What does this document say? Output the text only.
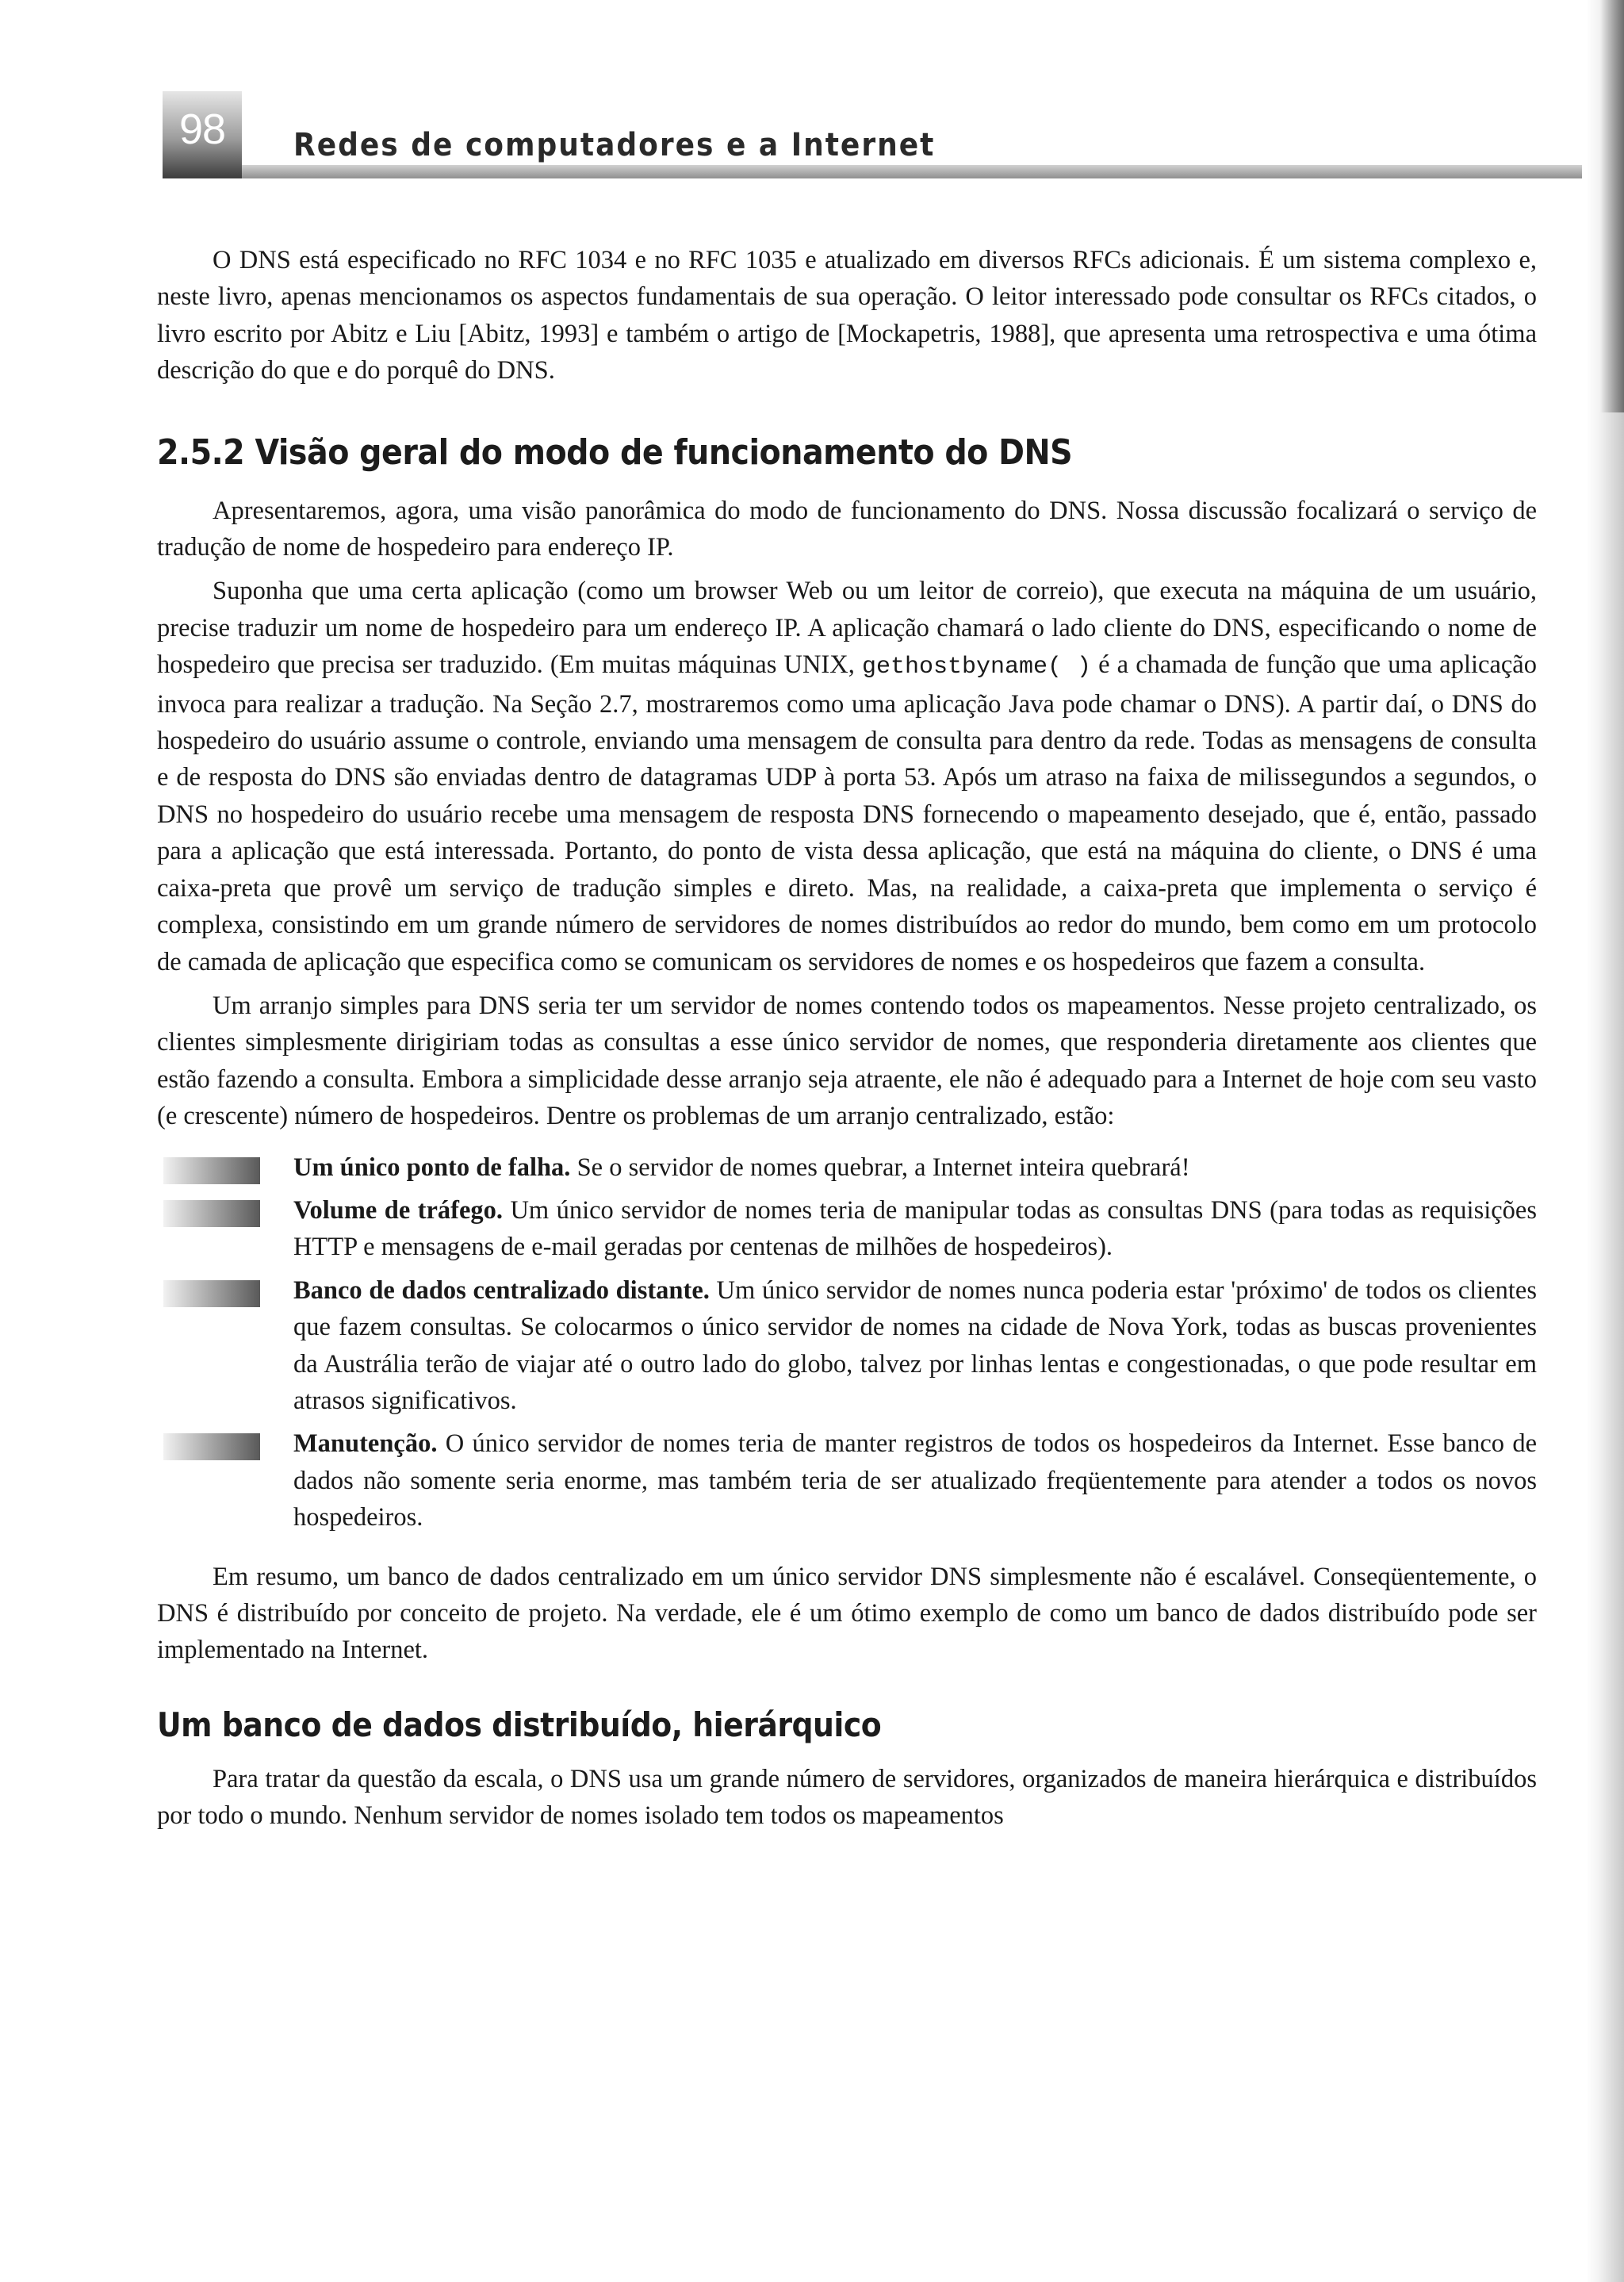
98	Redes de computadores e a Internet

O DNS está especificado no RFC 1034 e no RFC 1035 e atualizado em diversos RFCs adicionais. É um sistema complexo e, neste livro, apenas mencionamos os aspectos fundamentais de sua operação. O leitor interessado pode consultar os RFCs citados, o livro escrito por Abitz e Liu [Abitz, 1993] e também o artigo de [Mockapetris, 1988], que apresenta uma retrospectiva e uma ótima descrição do que e do porquê do DNS.

2.5.2 Visão geral do modo de funcionamento do DNS

Apresentaremos, agora, uma visão panorâmica do modo de funcionamento do DNS. Nossa discussão focalizará o serviço de tradução de nome de hospedeiro para endereço IP.

Suponha que uma certa aplicação (como um browser Web ou um leitor de correio), que executa na máquina de um usuário, precise traduzir um nome de hospedeiro para um endereço IP. A aplicação chamará o lado cliente do DNS, especificando o nome de hospedeiro que precisa ser traduzido. (Em muitas máquinas UNIX, gethostbyname( ) é a chamada de função que uma aplicação invoca para realizar a tradução. Na Seção 2.7, mostraremos como uma aplicação Java pode chamar o DNS). A partir daí, o DNS do hospedeiro do usuário assume o controle, enviando uma mensagem de consulta para dentro da rede. Todas as mensagens de consulta e de resposta do DNS são enviadas dentro de datagramas UDP à porta 53. Após um atraso na faixa de milissegundos a segundos, o DNS no hospedeiro do usuário recebe uma mensagem de resposta DNS fornecendo o mapeamento desejado, que é, então, passado para a aplicação que está interessada. Portanto, do ponto de vista dessa aplicação, que está na máquina do cliente, o DNS é uma caixa-preta que provê um serviço de tradução simples e direto. Mas, na realidade, a caixa-preta que implementa o serviço é complexa, consistindo em um grande número de servidores de nomes distribuídos ao redor do mundo, bem como em um protocolo de camada de aplicação que especifica como se comunicam os servidores de nomes e os hospedeiros que fazem a consulta.

Um arranjo simples para DNS seria ter um servidor de nomes contendo todos os mapeamentos. Nesse projeto centralizado, os clientes simplesmente dirigiriam todas as consultas a esse único servidor de nomes, que responderia diretamente aos clientes que estão fazendo a consulta. Embora a simplicidade desse arranjo seja atraente, ele não é adequado para a Internet de hoje com seu vasto (e crescente) número de hospedeiros. Dentre os problemas de um arranjo centralizado, estão:

Um único ponto de falha. Se o servidor de nomes quebrar, a Internet inteira quebrará!
Volume de tráfego. Um único servidor de nomes teria de manipular todas as consultas DNS (para todas as requisições HTTP e mensagens de e-mail geradas por centenas de milhões de hospedeiros).
Banco de dados centralizado distante. Um único servidor de nomes nunca poderia estar 'próximo' de todos os clientes que fazem consultas. Se colocarmos o único servidor de nomes na cidade de Nova York, todas as buscas provenientes da Austrália terão de viajar até o outro lado do globo, talvez por linhas lentas e congestionadas, o que pode resultar em atrasos significativos.
Manutenção. O único servidor de nomes teria de manter registros de todos os hospedeiros da Internet. Esse banco de dados não somente seria enorme, mas também teria de ser atualizado freqüentemente para atender a todos os novos hospedeiros.

Em resumo, um banco de dados centralizado em um único servidor DNS simplesmente não é escalável. Conseqüentemente, o DNS é distribuído por conceito de projeto. Na verdade, ele é um ótimo exemplo de como um banco de dados distribuído pode ser implementado na Internet.

Um banco de dados distribuído, hierárquico

Para tratar da questão da escala, o DNS usa um grande número de servidores, organizados de maneira hierárquica e distribuídos por todo o mundo. Nenhum servidor de nomes isolado tem todos os mapeamentos
